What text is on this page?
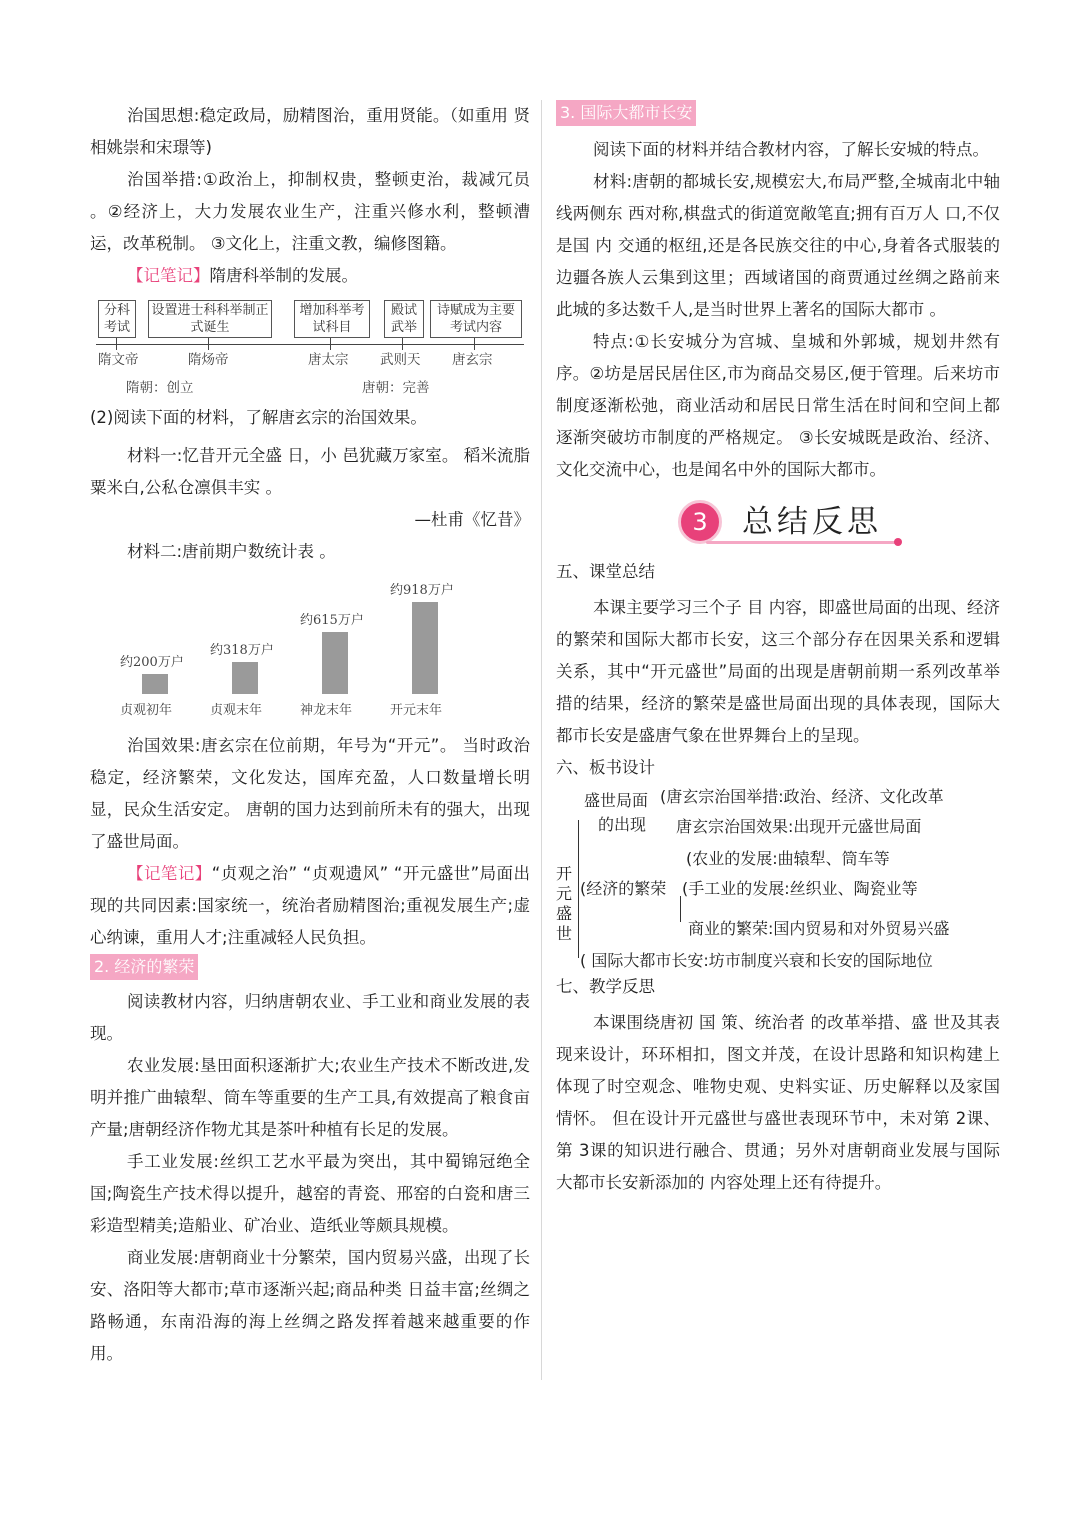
治国思想:稳定政局，励精图治，重用贤能。（如重用 贤相姚崇和宋璟等)

治国举措:①政治上，抑制权贵，整顿吏治，裁减冗员 。②经济上，大力发展农业生产，注重兴修水利，整顿漕运，改革税制。 ③文化上，注重文教，编修图籍。

【记笔记】隋唐科举制的发展。

分科考试
设置进士科科举制正式诞生
增加科举考试科目
殿试武举
诗赋成为主要考试内容
隋文帝	隋炀帝	唐太宗 武则天 唐玄宗
隋朝：创立	唐朝：完善

(2)阅读下面的材料，了解唐玄宗的治国效果。

材料一:忆昔开元全盛 日，小 邑犹藏万家室。 稻米流脂粟米白,公私仓凛俱丰实 。

—杜甫《忆昔》

材料二:唐前期户数统计表 。

约200万户
贞观初年
约318万户
贞观末年
约615万户
神龙末年
约918万户
开元末年

治国效果:唐玄宗在位前期，年号为“开元”。 当时政治稳定，经济繁荣，文化发达，国库充盈，人口数量增长明显，民众生活安定。 唐朝的国力达到前所未有的强大，出现了盛世局面。

【记笔记】“贞观之治” “贞观遗风” “开元盛世”局面出现的共同因素:国家统一，统治者励精图治;重视发展生产;虚心纳谏，重用人才;注重减轻人民负担。

2. 经济的繁荣

阅读教材内容，归纳唐朝农业、手工业和商业发展的表现。

农业发展:垦田面积逐渐扩大;农业生产技术不断改进,发明并推广曲辕犁、筒车等重要的生产工具,有效提高了粮食亩产量;唐朝经济作物尤其是茶叶种植有长足的发展。

手工业发展:丝织工艺水平最为突出，其中蜀锦冠绝全国;陶瓷生产技术得以提升，越窑的青瓷、邢窑的白瓷和唐三彩造型精美;造船业、矿冶业、造纸业等颇具规模。

商业发展:唐朝商业十分繁荣，国内贸易兴盛，出现了长安、洛阳等大都市;草市逐渐兴起;商品种类 日益丰富;丝绸之路畅通，东南沿海的海上丝绸之路发挥着越来越重要的作用。

3. 国际大都市长安

阅读下面的材料并结合教材内容，了解长安城的特点。

材料:唐朝的都城长安,规模宏大,布局严整,全城南北中轴线两侧东 西对称,棋盘式的街道宽敞笔直;拥有百万人 口,不仅是国 内 交通的枢纽,还是各民族交往的中心,身着各式服装的边疆各族人云集到这里；西域诸国的商贾通过丝绸之路前来此城的多达数千人,是当时世界上著名的国际大都市 。

特点:①长安城分为宫城、皇城和外郭城，规划井然有序。②坊是居民居住区,市为商品交易区,便于管理。后来坊市制度逐渐松弛，商业活动和居民日常生活在时间和空间上都逐渐突破坊市制度的严格规定。 ③长安城既是政治、经济、文化交流中心，也是闻名中外的国际大都市。

3	总结反思

五、课堂总结

本课主要学习三个子 目 内容，即盛世局面的出现、经济的繁荣和国际大都市长安，这三个部分存在因果关系和逻辑关系，其中“开元盛世”局面的出现是唐朝前期一系列改革举措的结果，经济的繁荣是盛世局面出现的具体表现，国际大都市长安是盛唐气象在世界舞台上的呈现。

六、板书设计

开元盛世
盛世局面
的出现
(唐玄宗治国举措:政治、经济、文化改革
唐玄宗治国效果:出现开元盛世局面
(经济的繁荣
(农业的发展:曲辕犁、筒车等
(手工业的发展:丝织业、陶瓷业等
商业的繁荣:国内贸易和对外贸易兴盛
( 国际大都市长安:坊市制度兴衰和长安的国际地位

七、教学反思

本课围绕唐初 国 策、统治者 的改革举措、盛 世及其表现来设计，环环相扣，图文并茂，在设计思路和知识构建上体现了时空观念、唯物史观、史料实证、历史解释以及家国情怀。 但在设计开元盛世与盛世表现环节中，未对第 2课、第 3课的知识进行融合、贯通；另外对唐朝商业发展与国际大都市长安新添加的 内容处理上还有待提升。
